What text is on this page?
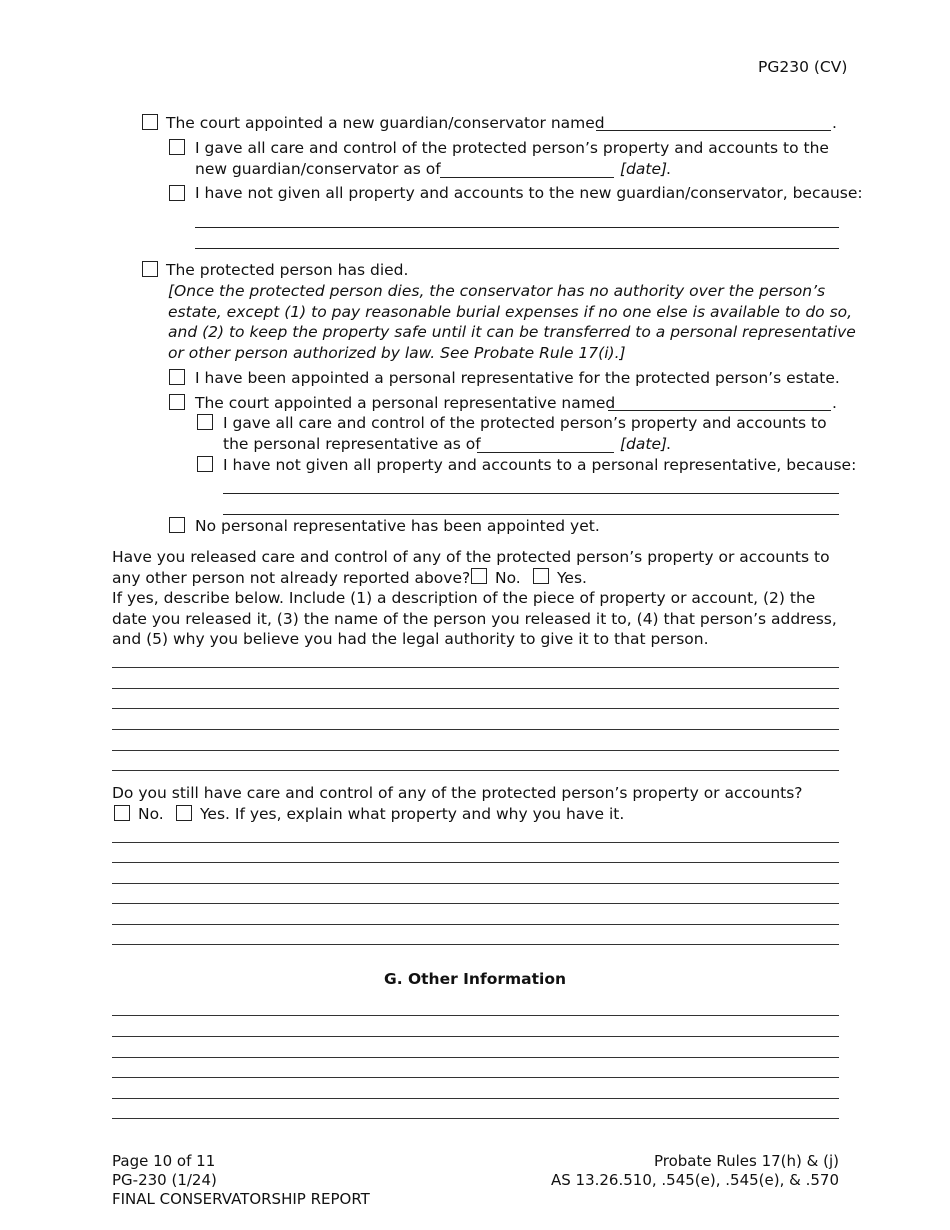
PG230 (CV)
The court appointed a new guardian/conservator named	.
I gave all care and control of the protected person’s property and accounts to the
new guardian/conservator as of	[date]
.
I have not given all property and accounts to the new guardian/conservator, because:
The protected person has died.
[Once the protected person dies, the conservator has no authority over the person’s
estate, except (1) to pay reasonable burial expenses if no one else is available to do so,
and (2) to keep the property safe until it can be transferred to a personal representative
or other person authorized by law. See Probate Rule 17(i).]
I have been appointed a personal representative for the protected person’s estate.
The court appointed a personal representative named	.
I gave all care and control of the protected person’s property and accounts to
the personal representative as of	[date]
.
I have not given all property and accounts to a personal representative, because:
No personal representative has been appointed yet.
Have you released care and control of any of the protected person’s property or accounts to
any other person not already reported above? No. Yes.
If yes, describe below. Include (1) a description of the piece of property or account, (2) the
date you released it, (3) the name of the person you released it to, (4) that person’s address,
and (5) why you believe you had the legal authority to give it to that person.
Do you still have care and control of any of the protected person’s property or accounts?
No. Yes. If yes, explain what property and why you have it.
G. Other Information
Page 10 of 11
PG-230 (1/24)
FINAL CONSERVATORSHIP REPORT
Probate Rules 17(h) & (j)
AS 13.26.510, .545(e), .545(e), & .570
